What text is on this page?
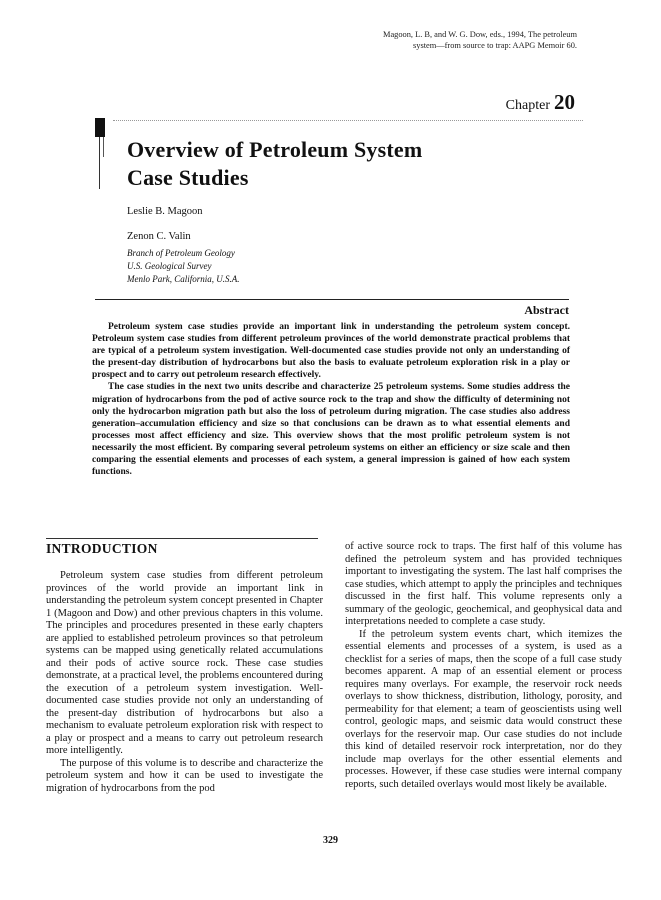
Magoon, L. B, and W. G. Dow, eds., 1994, The petroleum
system—from source to trap: AAPG Memoir 60.
Chapter 20
Overview of Petroleum System
Case Studies
Leslie B. Magoon
Zenon C. Valin
Branch of Petroleum Geology
U.S. Geological Survey
Menlo Park, California, U.S.A.
Abstract

Petroleum system case studies provide an important link in understanding the petroleum system concept. Petroleum system case studies from different petroleum provinces of the world demonstrate practical problems that are typical of a petroleum system investigation. Well-documented case studies provide not only an understanding of the present-day distribution of hydrocarbons but also the basis to evaluate petroleum exploration risk in a play or prospect and to carry out petroleum research effectively.

The case studies in the next two units describe and characterize 25 petroleum systems. Some studies address the migration of hydrocarbons from the pod of active source rock to the trap and show the difficulty of determining not only the hydrocarbon migration path but also the loss of petroleum during migration. The case studies also address generation–accumulation efficiency and size so that conclusions can be drawn as to what essential elements and processes most affect efficiency and size. This overview shows that the most prolific petroleum system is not necessarily the most efficient. By comparing several petroleum systems on either an efficiency or size scale and then comparing the essential elements and processes of each system, a general impression is gained of how each system functions.

INTRODUCTION

Petroleum system case studies from different petroleum provinces of the world provide an important link in understanding the petroleum system concept presented in Chapter 1 (Magoon and Dow) and other previous chapters in this volume. The principles and procedures presented in these early chapters are applied to established petroleum provinces so that petroleum systems can be mapped using genetically related accumulations and their pods of active source rock. These case studies demonstrate, at a practical level, the problems encountered during the execution of a petroleum system investigation. Well-documented case studies provide not only an understanding of the present-day distribution of hydrocarbons but also a mechanism to evaluate petroleum exploration risk with respect to a play or prospect and a means to carry out petroleum research more intelligently.

The purpose of this volume is to describe and characterize the petroleum system and how it can be used to investigate the migration of hydrocarbons from the pod

of active source rock to traps. The first half of this volume has defined the petroleum system and has provided techniques important to investigating the system. The last half comprises the case studies, which attempt to apply the principles and techniques discussed in the first half. This volume represents only a summary of the geologic, geochemical, and geophysical data and interpretations needed to complete a case study.

If the petroleum system events chart, which itemizes the essential elements and processes of a system, is used as a checklist for a series of maps, then the scope of a full case study becomes apparent. A map of an essential element or process requires many overlays. For example, the reservoir rock needs overlays to show thickness, distribution, lithology, porosity, and permeability for that element; a team of geoscientists using well control, geologic maps, and seismic data would construct these overlays for the reservoir map. Our case studies do not include this kind of detailed reservoir rock interpretation, nor do they include map overlays for the other essential elements and processes. However, if these case studies were internal company reports, such detailed overlays would most likely be available.

329
